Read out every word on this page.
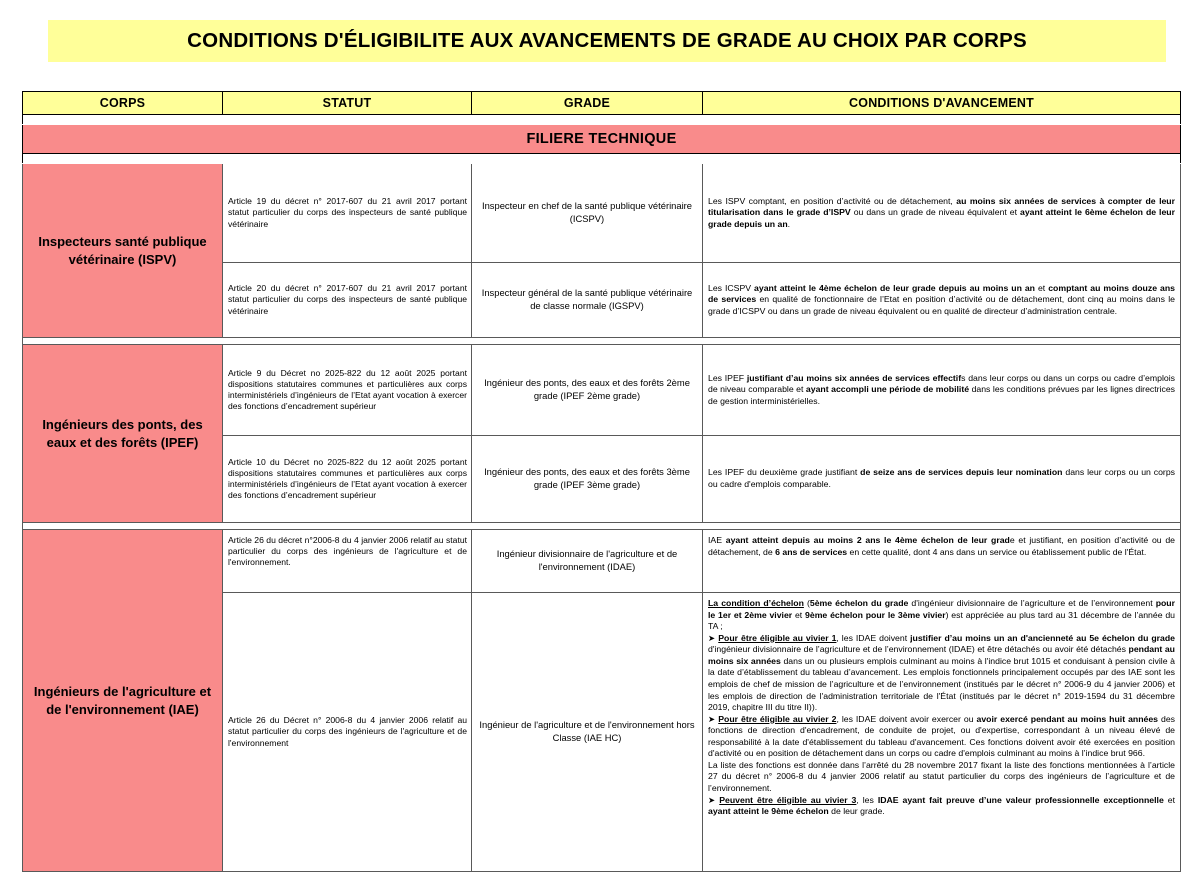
CONDITIONS D'ÉLIGIBILITE AUX AVANCEMENTS DE GRADE AU CHOIX PAR CORPS
CORPS	STATUT	GRADE	CONDITIONS D'AVANCEMENT

FILIERE TECHNIQUE			

Inspecteurs santé publique vétérinaire (ISPV)	Article 19 du décret n° 2017-607 du 21 avril 2017 portant statut particulier du corps des inspecteurs de santé publique vétérinaire	Inspecteur en chef de la santé publique vétérinaire (ICSPV)	Les ISPV comptant, en position d’activité ou de détachement, au moins six années de services à compter de leur titularisation dans le grade d’ISPV ou dans un grade de niveau équivalent et ayant atteint le 6ème échelon de leur grade depuis un an.
	Article 20 du décret n° 2017-607 du 21 avril 2017 portant statut particulier du corps des inspecteurs de santé publique vétérinaire	Inspecteur général de la santé publique vétérinaire de classe normale (IGSPV)	Les ICSPV ayant atteint le 4ème échelon de leur grade depuis au moins un an et comptant au moins douze ans de services en qualité de fonctionnaire de l’Etat en position d’activité ou de détachement, dont cinq au moins dans le grade d’ICSPV ou dans un grade de niveau équivalent ou en qualité de directeur d’administration centrale.

Ingénieurs des ponts, des eaux et des forêts (IPEF)	Article 9 du Décret no 2025-822 du 12 août 2025 portant dispositions statutaires communes et particulières aux corps interministériels d’ingénieurs de l’Etat ayant vocation à exercer des fonctions d’encadrement supérieur	Ingénieur des ponts, des eaux et des forêts 2ème grade (IPEF 2ème grade)	Les IPEF justifiant d’au moins six années de services effectifs dans leur corps ou dans un corps ou cadre d’emplois de niveau comparable et ayant accompli une période de mobilité dans les conditions prévues par les lignes directrices de gestion interministérielles.
	Article 10 du Décret no 2025-822 du 12 août 2025 portant dispositions statutaires communes et particulières aux corps interministériels d’ingénieurs de l’Etat ayant vocation à exercer des fonctions d’encadrement supérieur	Ingénieur des ponts, des eaux et des forêts 3ème grade (IPEF 3ème grade)	Les IPEF du deuxième grade justifiant de seize ans de services depuis leur nomination dans leur corps ou un corps ou cadre d'emplois comparable.

Ingénieurs de l'agriculture et de l'environnement (IAE)	Article 26 du décret n°2006-8 du 4 janvier 2006 relatif au statut particulier du corps des ingénieurs de l'agriculture et de l'environnement.	Ingénieur divisionnaire de l'agriculture et de l'environnement (IDAE)	IAE ayant atteint depuis au moins 2 ans le 4ème échelon de leur grade et justifiant, en position d’activité ou de détachement, de 6 ans de services en cette qualité, dont 4 ans dans un service ou établissement public de l'État.
	Article 26 du Décret n° 2006-8 du 4 janvier 2006 relatif au statut particulier du corps des ingénieurs de l'agriculture et de l'environnement	Ingénieur de l'agriculture et de l'environnement hors Classe (IAE HC)	La condition d’échelon (5ème échelon du grade d'ingénieur divisionnaire de l’agriculture et de l’environnement pour le 1er et 2ème vivier et 9ème échelon pour le 3ème vivier) est appréciée au plus tard au 31 décembre de l’année du TA ;

➤ Pour être éligible au vivier 1, les IDAE doivent justifier d’au moins un an d'ancienneté au 5e échelon du grade d'ingénieur divisionnaire de l’agriculture et de l’environnement (IDAE) et être détachés ou avoir été détachés pendant au moins six années dans un ou plusieurs emplois culminant au moins à l'indice brut 1015 et conduisant à pension civile à la date d’établissement du tableau d’avancement. Les emplois fonctionnels principalement occupés par des IAE sont les emplois de chef de mission de l’agriculture et de l’environnement (institués par le décret n° 2006-9 du 4 janvier 2006) et les emplois de direction de l'administration territoriale de l'État (institués par le décret n° 2019-1594 du 31 décembre 2019, chapitre III du titre II)).

➤ Pour être éligible au vivier 2, les IDAE doivent avoir exercer ou avoir exercé pendant au moins huit années des fonctions de direction d'encadrement, de conduite de projet, ou d'expertise, correspondant à un niveau élevé de responsabilité à la date d'établissement du tableau d'avancement. Ces fonctions doivent avoir été exercées en position d'activité ou en position de détachement dans un corps ou cadre d'emplois culminant au moins à l’indice brut 966.

La liste des fonctions est donnée dans l’arrêté du 28 novembre 2017 fixant la liste des fonctions mentionnées à l’article 27 du décret n° 2006-8 du 4 janvier 2006 relatif au statut particulier du corps des ingénieurs de l’agriculture et de l’environnement.

➤ Peuvent être éligible au vivier 3, les IDAE ayant fait preuve d’une valeur professionnelle exceptionnelle et ayant atteint le 9ème échelon de leur grade.
